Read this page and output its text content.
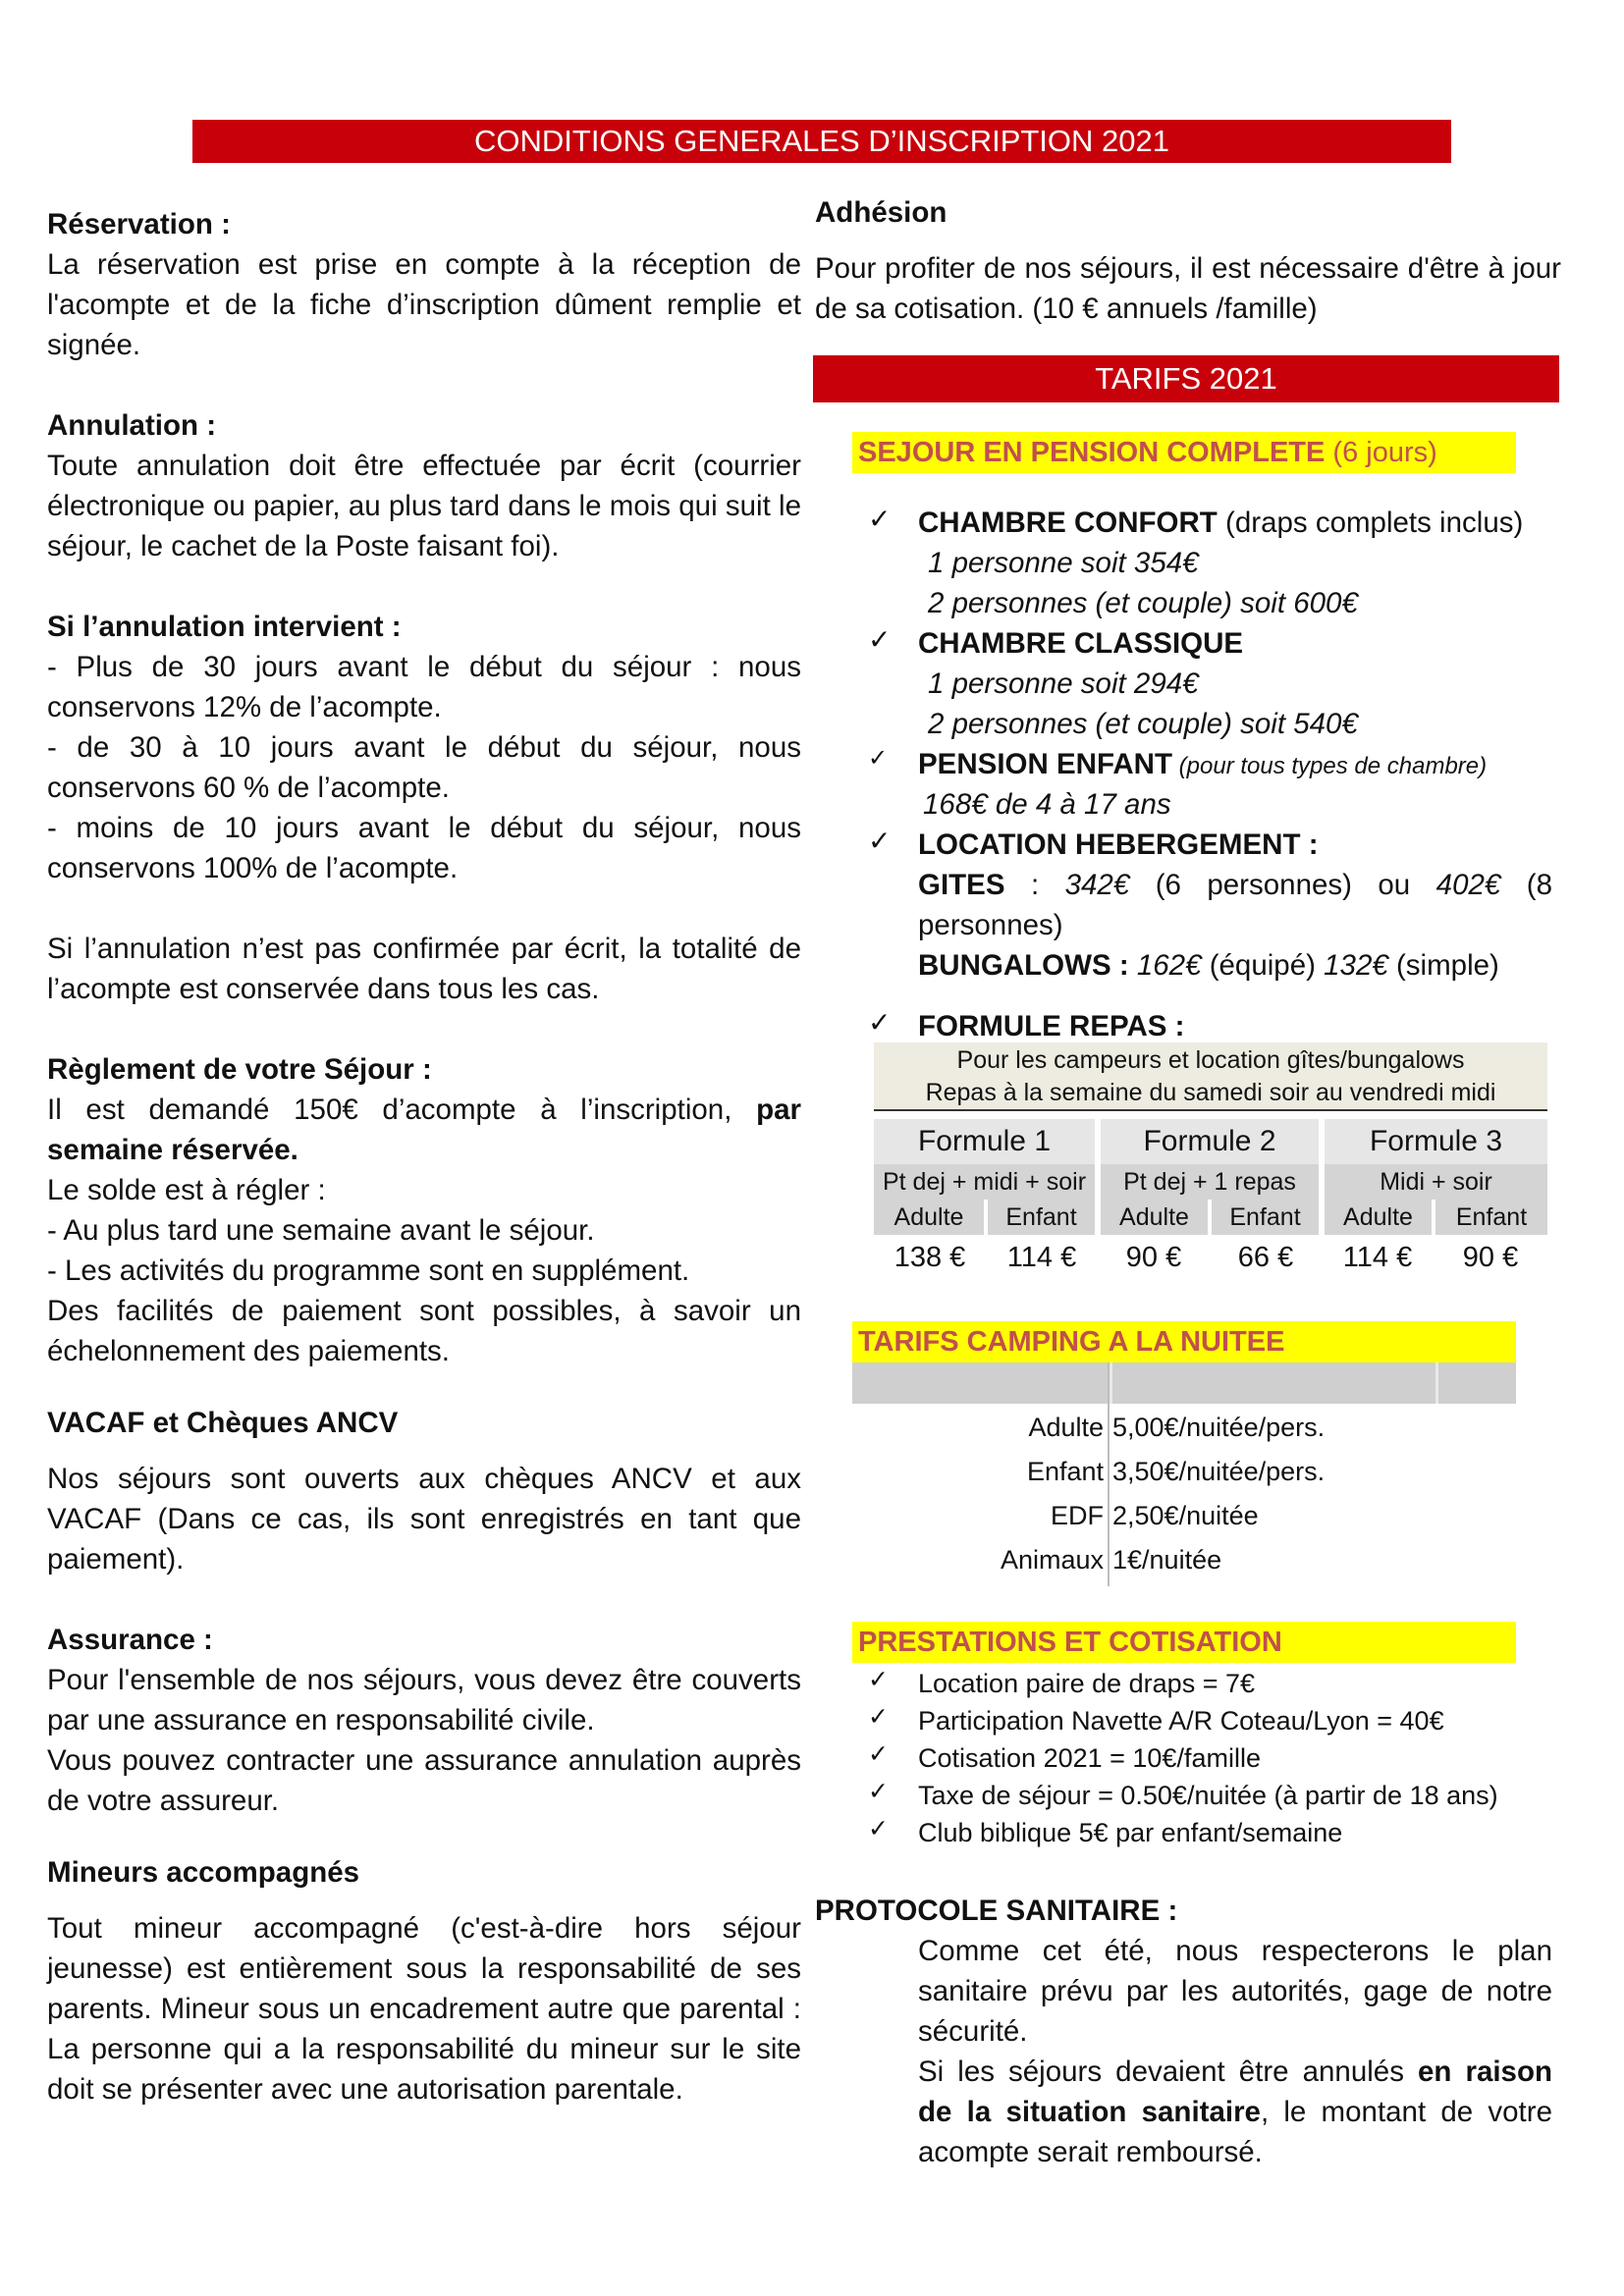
CONDITIONS GENERALES D’INSCRIPTION 2021

Réservation :

La réservation est prise en compte à la réception de l'acompte et de la fiche d’inscription dûment remplie et signée.

Annulation :

Toute annulation doit être effectuée par écrit (courrier électronique ou papier, au plus tard dans le mois qui suit le séjour, le cachet de la Poste faisant foi).

Si l’annulation intervient :

- Plus de 30 jours avant le début du séjour : nous conservons 12% de l’acompte.

- de 30 à 10 jours avant le début du séjour, nous conservons 60 % de l’acompte.

- moins de 10 jours avant le début du séjour, nous conservons 100% de l’acompte.

Si l’annulation n’est pas confirmée par écrit, la totalité de l’acompte est conservée dans tous les cas.

Règlement de votre Séjour :

Il est demandé 150€ d’acompte à l’inscription, par semaine réservée.

Le solde est à régler :

- Au plus tard une semaine avant le séjour.

- Les activités du programme sont en supplément.

Des facilités de paiement sont possibles, à savoir un échelonnement des paiements.

VACAF et Chèques ANCV

Nos séjours sont ouverts aux chèques ANCV et aux VACAF (Dans ce cas, ils sont enregistrés en tant que paiement).

Assurance :

Pour l'ensemble de nos séjours, vous devez être couverts par une assurance en responsabilité civile.

Vous pouvez contracter une assurance annulation auprès de votre assureur.

Mineurs accompagnés

Tout mineur accompagné (c'est-à-dire hors séjour jeunesse) est entièrement sous la responsabilité de ses parents. Mineur sous un encadrement autre que parental : La personne qui a la responsabilité du mineur sur le site doit se présenter avec une autorisation parentale.

Adhésion

Pour profiter de nos séjours, il est nécessaire d'être à jour de sa cotisation. (10 € annuels /famille)

TARIFS 2021
SEJOUR EN PENSION COMPLETE (6 jours)
✓ CHAMBRE CONFORT (draps complets inclus)
1 personne soit 354€
2 personnes (et couple) soit 600€
✓ CHAMBRE CLASSIQUE
1 personne soit 294€
2 personnes (et couple) soit 540€
✓	PENSION ENFANT (pour tous types de chambre)
168€ de 4 à 17 ans
✓ LOCATION HEBERGEMENT :
GITES : 342€ (6 personnes) ou 402€ (8 personnes)
BUNGALOWS : 162€ (équipé) 132€ (simple)
✓ FORMULE REPAS :
Pour les campeurs et location gîtes/bungalows
Repas à la semaine du samedi soir au vendredi midi					

Formule 1		Formule 2		Formule 3	
Pt dej + midi + soir		Pt dej + 1 repas		Midi + soir	
Adulte	Enfant	Adulte	Enfant	Adulte	Enfant
138 €	114 €	90 €	66 €	114 €	90 €
TARIFS CAMPING A LA NUITEE
Adulte 5,00€/nuitée/pers.
Enfant 3,50€/nuitée/pers.
EDF 2,50€/nuitée
Animaux 1€/nuitée
PRESTATIONS ET COTISATION
✓	Location paire de draps = 7€
✓	Participation Navette A/R Coteau/Lyon = 40€
✓	Cotisation 2021 = 10€/famille
✓	Taxe de séjour = 0.50€/nuitée (à partir de 18 ans)
✓	Club biblique 5€ par enfant/semaine
PROTOCOLE SANITAIRE :
Comme cet été, nous respecterons le plan sanitaire prévu par les autorités, gage de notre sécurité.
Si les séjours devaient être annulés en raison de la situation sanitaire, le montant de votre acompte serait remboursé.
